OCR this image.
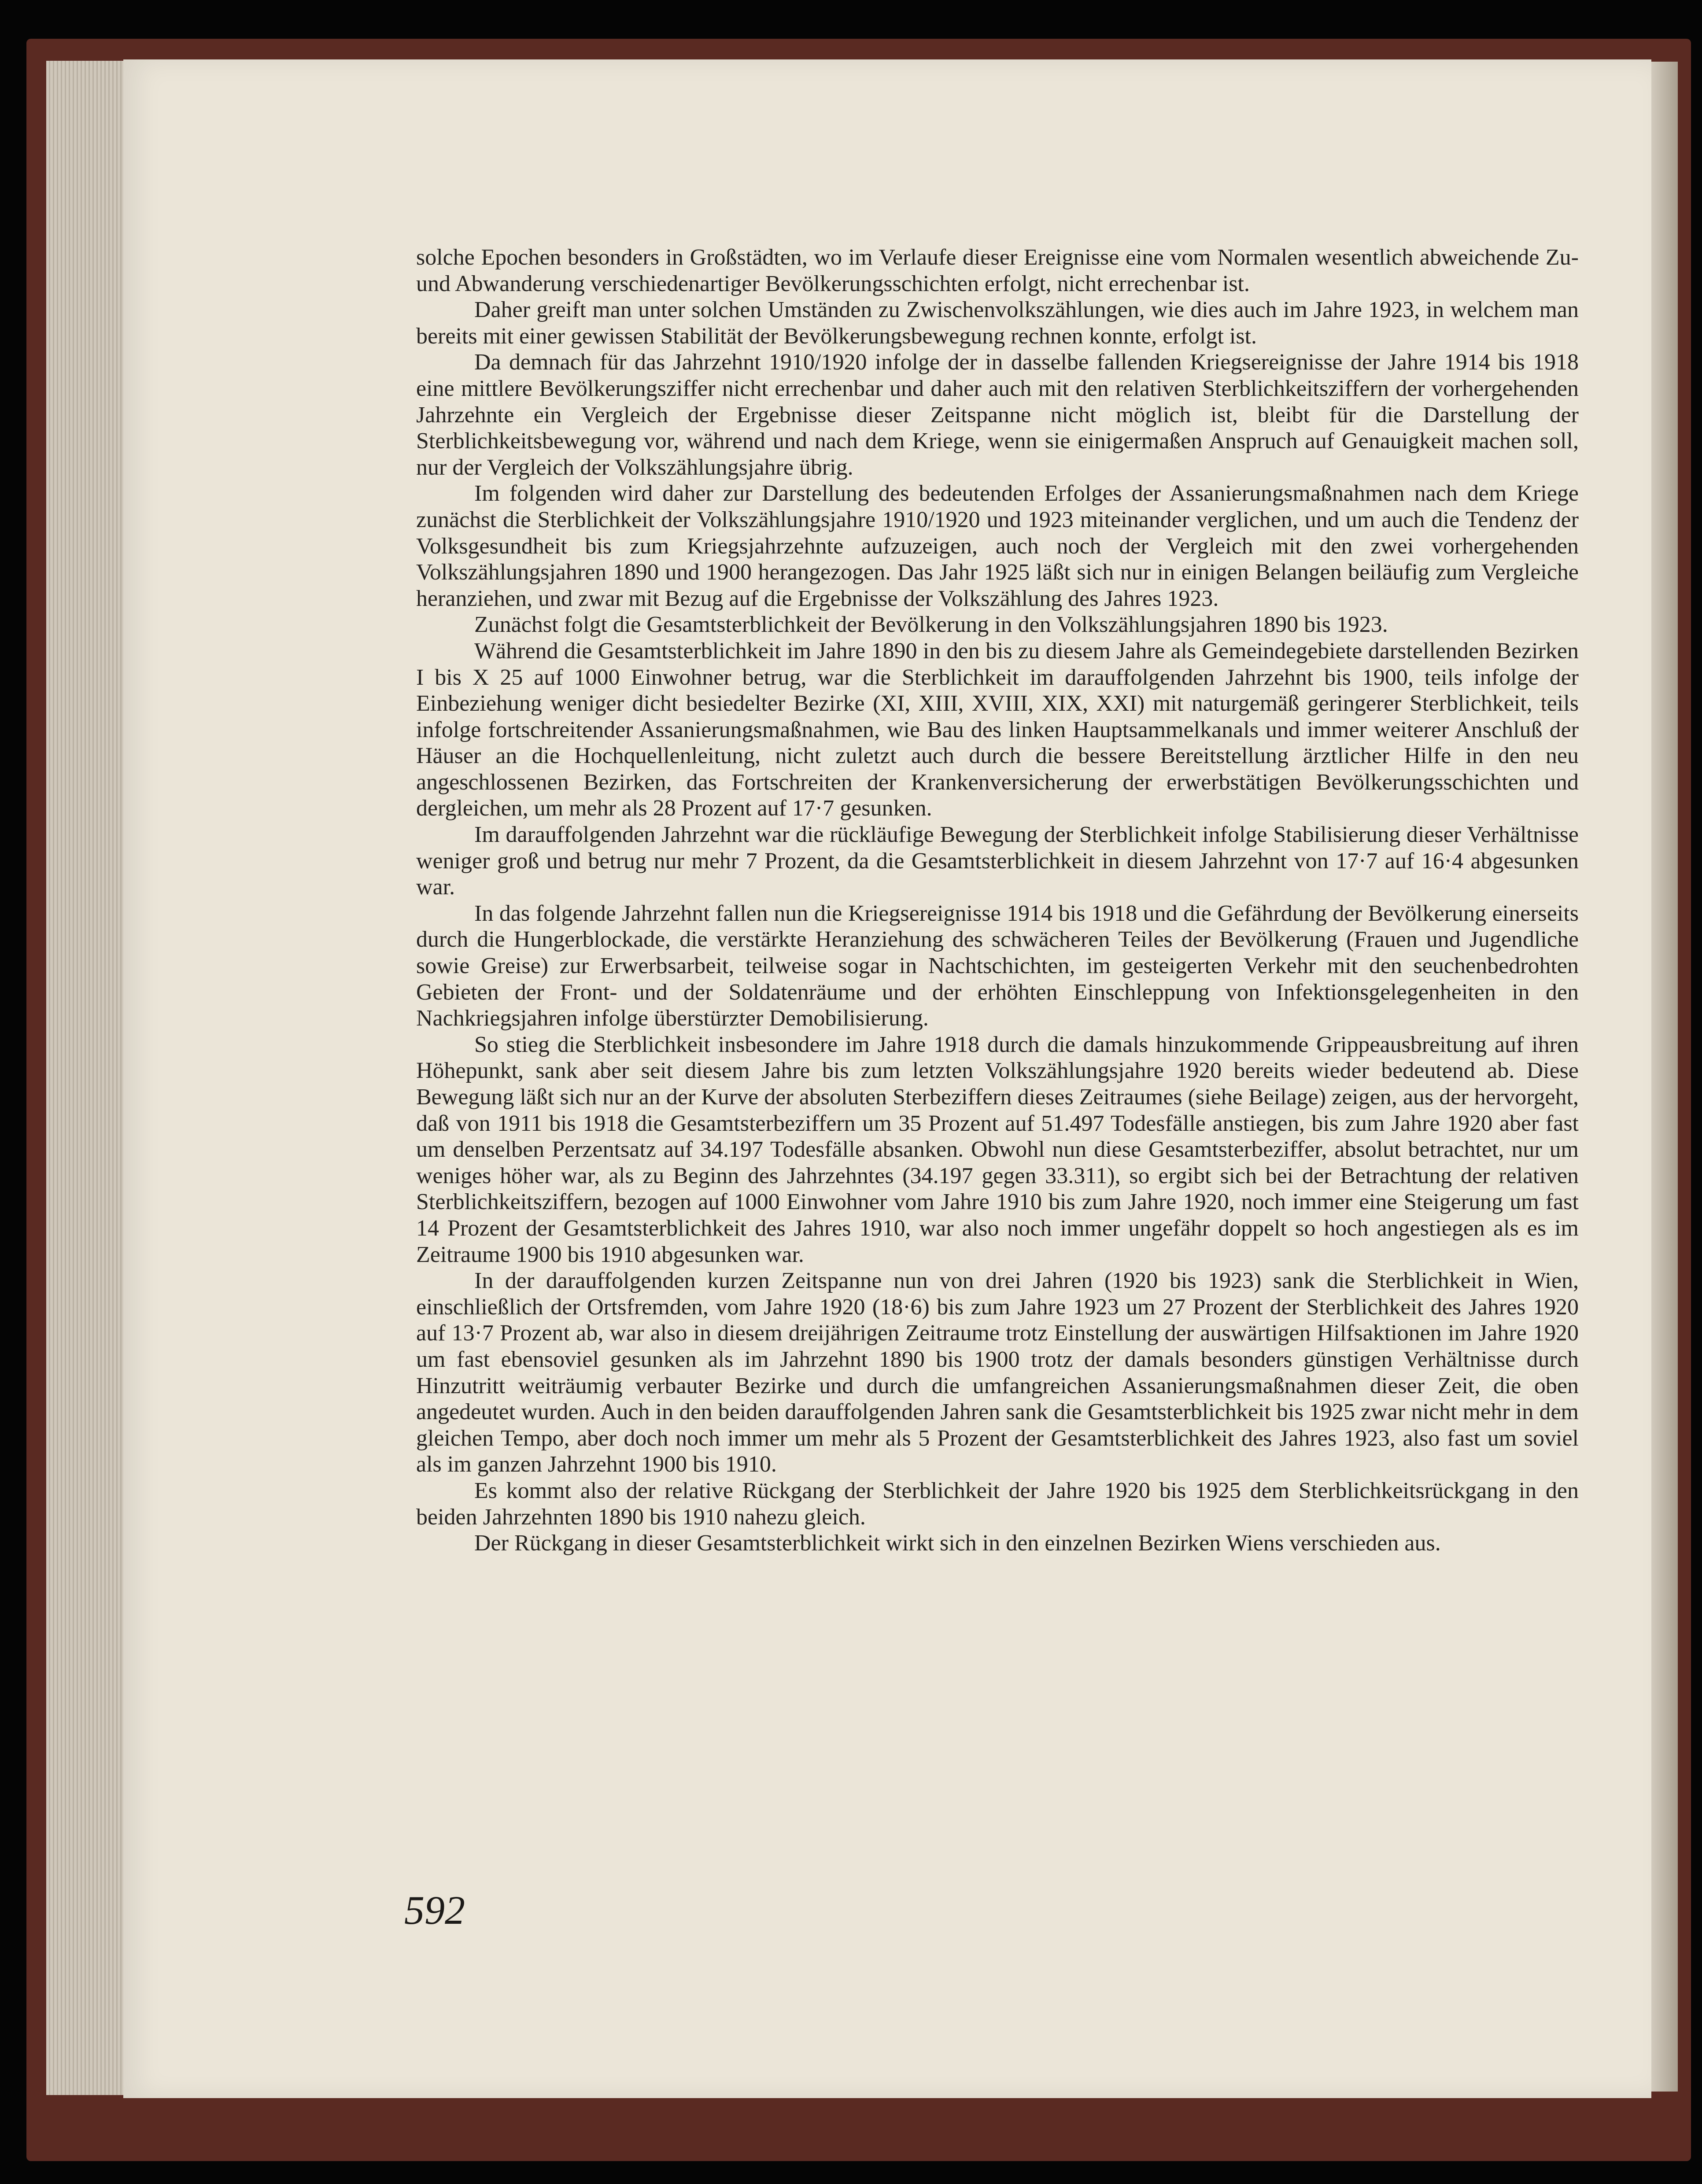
solche Epochen besonders in Großstädten, wo im Verlaufe dieser Ereignisse eine vom Normalen wesentlich abweichende Zu- und Abwanderung verschiedenartiger Bevölkerungsschichten erfolgt, nicht errechenbar ist.

Daher greift man unter solchen Umständen zu Zwischenvolkszählungen, wie dies auch im Jahre 1923, in welchem man bereits mit einer gewissen Stabilität der Bevölkerungsbewegung rechnen konnte, erfolgt ist.

Da demnach für das Jahrzehnt 1910/1920 infolge der in dasselbe fallenden Kriegsereignisse der Jahre 1914 bis 1918 eine mittlere Bevölkerungsziffer nicht errechenbar und daher auch mit den relativen Sterblichkeitsziffern der vorhergehenden Jahrzehnte ein Vergleich der Ergebnisse dieser Zeitspanne nicht möglich ist, bleibt für die Darstellung der Sterblichkeitsbewegung vor, während und nach dem Kriege, wenn sie einigermaßen Anspruch auf Genauigkeit machen soll, nur der Vergleich der Volkszählungsjahre übrig.

Im folgenden wird daher zur Darstellung des bedeutenden Erfolges der Assanierungsmaßnahmen nach dem Kriege zunächst die Sterblichkeit der Volkszählungsjahre 1910/1920 und 1923 miteinander verglichen, und um auch die Tendenz der Volksgesundheit bis zum Kriegsjahrzehnte aufzuzeigen, auch noch der Vergleich mit den zwei vorhergehenden Volkszählungsjahren 1890 und 1900 herangezogen. Das Jahr 1925 läßt sich nur in einigen Belangen beiläufig zum Vergleiche heranziehen, und zwar mit Bezug auf die Ergebnisse der Volkszählung des Jahres 1923.

Zunächst folgt die Gesamtsterblichkeit der Bevölkerung in den Volkszählungsjahren 1890 bis 1923.

Während die Gesamtsterblichkeit im Jahre 1890 in den bis zu diesem Jahre als Gemeindegebiete darstellenden Bezirken I bis X 25 auf 1000 Einwohner betrug, war die Sterblichkeit im darauffolgenden Jahrzehnt bis 1900, teils infolge der Einbeziehung weniger dicht besiedelter Bezirke (XI, XIII, XVIII, XIX, XXI) mit naturgemäß geringerer Sterblichkeit, teils infolge fortschreitender Assanierungsmaßnahmen, wie Bau des linken Hauptsammelkanals und immer weiterer Anschluß der Häuser an die Hochquellenleitung, nicht zuletzt auch durch die bessere Bereitstellung ärztlicher Hilfe in den neu angeschlossenen Bezirken, das Fortschreiten der Krankenversicherung der erwerbstätigen Bevölkerungsschichten und dergleichen, um mehr als 28 Prozent auf 17·7 gesunken.

Im darauffolgenden Jahrzehnt war die rückläufige Bewegung der Sterblichkeit infolge Stabilisierung dieser Verhältnisse weniger groß und betrug nur mehr 7 Prozent, da die Gesamtsterblichkeit in diesem Jahrzehnt von 17·7 auf 16·4 abgesunken war.

In das folgende Jahrzehnt fallen nun die Kriegsereignisse 1914 bis 1918 und die Gefährdung der Bevölkerung einerseits durch die Hungerblockade, die verstärkte Heranziehung des schwächeren Teiles der Bevölkerung (Frauen und Jugendliche sowie Greise) zur Erwerbsarbeit, teilweise sogar in Nachtschichten, im gesteigerten Verkehr mit den seuchenbedrohten Gebieten der Front- und der Soldatenräume und der erhöhten Einschleppung von Infektionsgelegenheiten in den Nachkriegsjahren infolge überstürzter Demobilisierung.

So stieg die Sterblichkeit insbesondere im Jahre 1918 durch die damals hinzukommende Grippeausbreitung auf ihren Höhepunkt, sank aber seit diesem Jahre bis zum letzten Volkszählungsjahre 1920 bereits wieder bedeutend ab. Diese Bewegung läßt sich nur an der Kurve der absoluten Sterbeziffern dieses Zeitraumes (siehe Beilage) zeigen, aus der hervorgeht, daß von 1911 bis 1918 die Gesamtsterbeziffern um 35 Prozent auf 51.497 Todesfälle anstiegen, bis zum Jahre 1920 aber fast um denselben Perzentsatz auf 34.197 Todesfälle absanken. Obwohl nun diese Gesamtsterbeziffer, absolut betrachtet, nur um weniges höher war, als zu Beginn des Jahrzehntes (34.197 gegen 33.311), so ergibt sich bei der Betrachtung der relativen Sterblichkeitsziffern, bezogen auf 1000 Einwohner vom Jahre 1910 bis zum Jahre 1920, noch immer eine Steigerung um fast 14 Prozent der Gesamtsterblichkeit des Jahres 1910, war also noch immer ungefähr doppelt so hoch angestiegen als es im Zeitraume 1900 bis 1910 abgesunken war.

In der darauffolgenden kurzen Zeitspanne nun von drei Jahren (1920 bis 1923) sank die Sterblichkeit in Wien, einschließlich der Ortsfremden, vom Jahre 1920 (18·6) bis zum Jahre 1923 um 27 Prozent der Sterblichkeit des Jahres 1920 auf 13·7 Prozent ab, war also in diesem dreijährigen Zeitraume trotz Einstellung der auswärtigen Hilfsaktionen im Jahre 1920 um fast ebensoviel gesunken als im Jahrzehnt 1890 bis 1900 trotz der damals besonders günstigen Verhältnisse durch Hinzutritt weiträumig verbauter Bezirke und durch die umfangreichen Assanierungsmaßnahmen dieser Zeit, die oben angedeutet wurden. Auch in den beiden darauffolgenden Jahren sank die Gesamtsterblichkeit bis 1925 zwar nicht mehr in dem gleichen Tempo, aber doch noch immer um mehr als 5 Prozent der Gesamtsterblichkeit des Jahres 1923, also fast um soviel als im ganzen Jahrzehnt 1900 bis 1910.

Es kommt also der relative Rückgang der Sterblichkeit der Jahre 1920 bis 1925 dem Sterblichkeitsrückgang in den beiden Jahrzehnten 1890 bis 1910 nahezu gleich.

Der Rückgang in dieser Gesamtsterblichkeit wirkt sich in den einzelnen Bezirken Wiens verschieden aus.

592
